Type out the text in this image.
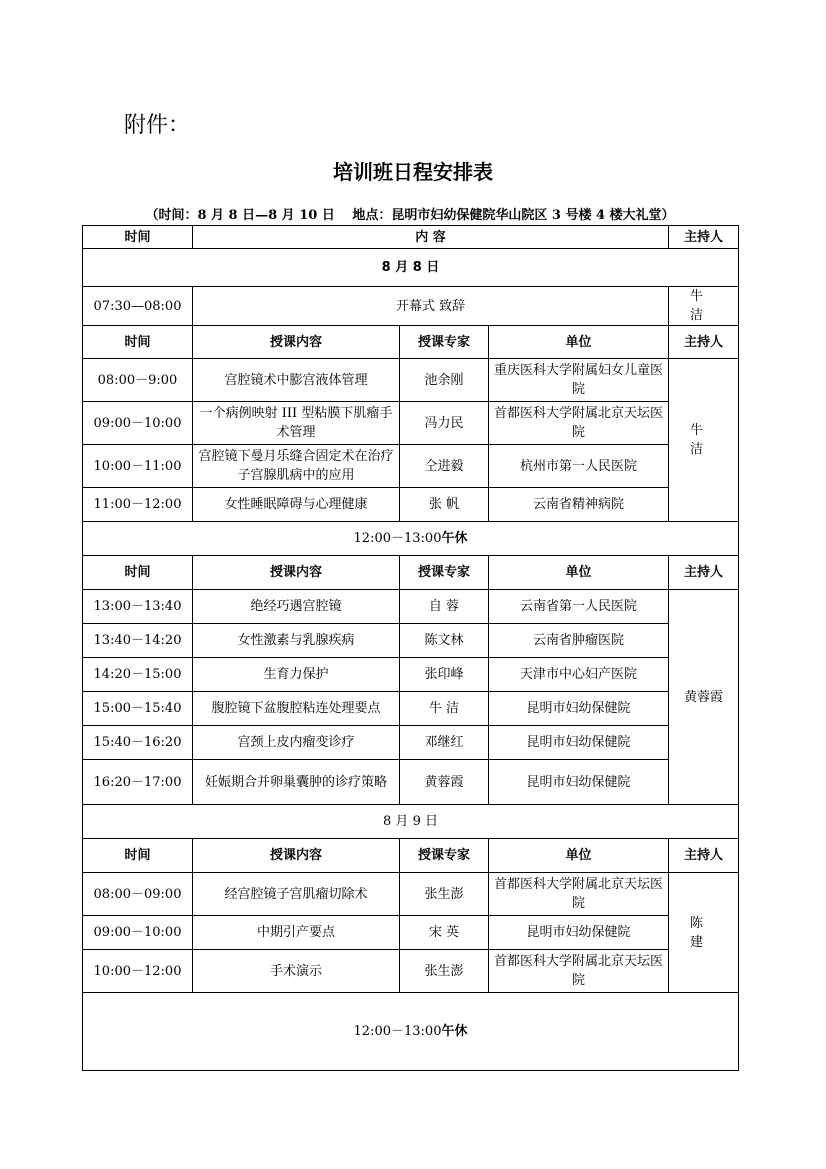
附件：
培训班日程安排表
（时间：8 月 8 日—8 月 10 日　 地点：昆明市妇幼保健院华山院区 3 号楼 4 楼大礼堂）
时间	内 容			主持人
8 月 8 日				
07:30—08:00	开幕式 致辞			牛 洁
时间	授课内容	授课专家	单位	主持人
08:00－9:00	宫腔镜术中膨宫液体管理	池余刚	重庆医科大学附属妇女儿童医院	牛 洁
09:00－10:00	一个病例映射 III 型粘膜下肌瘤手术管理	冯力民	首都医科大学附属北京天坛医院	
10:00－11:00	宫腔镜下曼月乐缝合固定术在治疗子宫腺肌病中的应用	仝进毅	杭州市第一人民医院	
11:00－12:00	女性睡眠障碍与心理健康	张 帆	云南省精神病院	
12:00－13:00午休				
时间	授课内容	授课专家	单位	主持人
13:00－13:40	绝经巧遇宫腔镜	自 蓉	云南省第一人民医院	黄蓉霞
13:40－14:20	女性激素与乳腺疾病	陈文林	云南省肿瘤医院	
14:20－15:00	生育力保护	张印峰	天津市中心妇产医院	
15:00－15:40	腹腔镜下盆腹腔粘连处理要点	牛 洁	昆明市妇幼保健院	
15:40－16:20	宫颈上皮内瘤变诊疗	邓继红	昆明市妇幼保健院	
16:20－17:00	妊娠期合并卵巢囊肿的诊疗策略	黄蓉霞	昆明市妇幼保健院	
8 月 9 日				
时间	授课内容	授课专家	单位	主持人
08:00－09:00	经宫腔镜子宫肌瘤切除术	张生澎	首都医科大学附属北京天坛医院	陈 建
09:00－10:00	中期引产要点	宋 英	昆明市妇幼保健院	
10:00－12:00	手术演示	张生澎	首都医科大学附属北京天坛医院	
12:00－13:00午休				
